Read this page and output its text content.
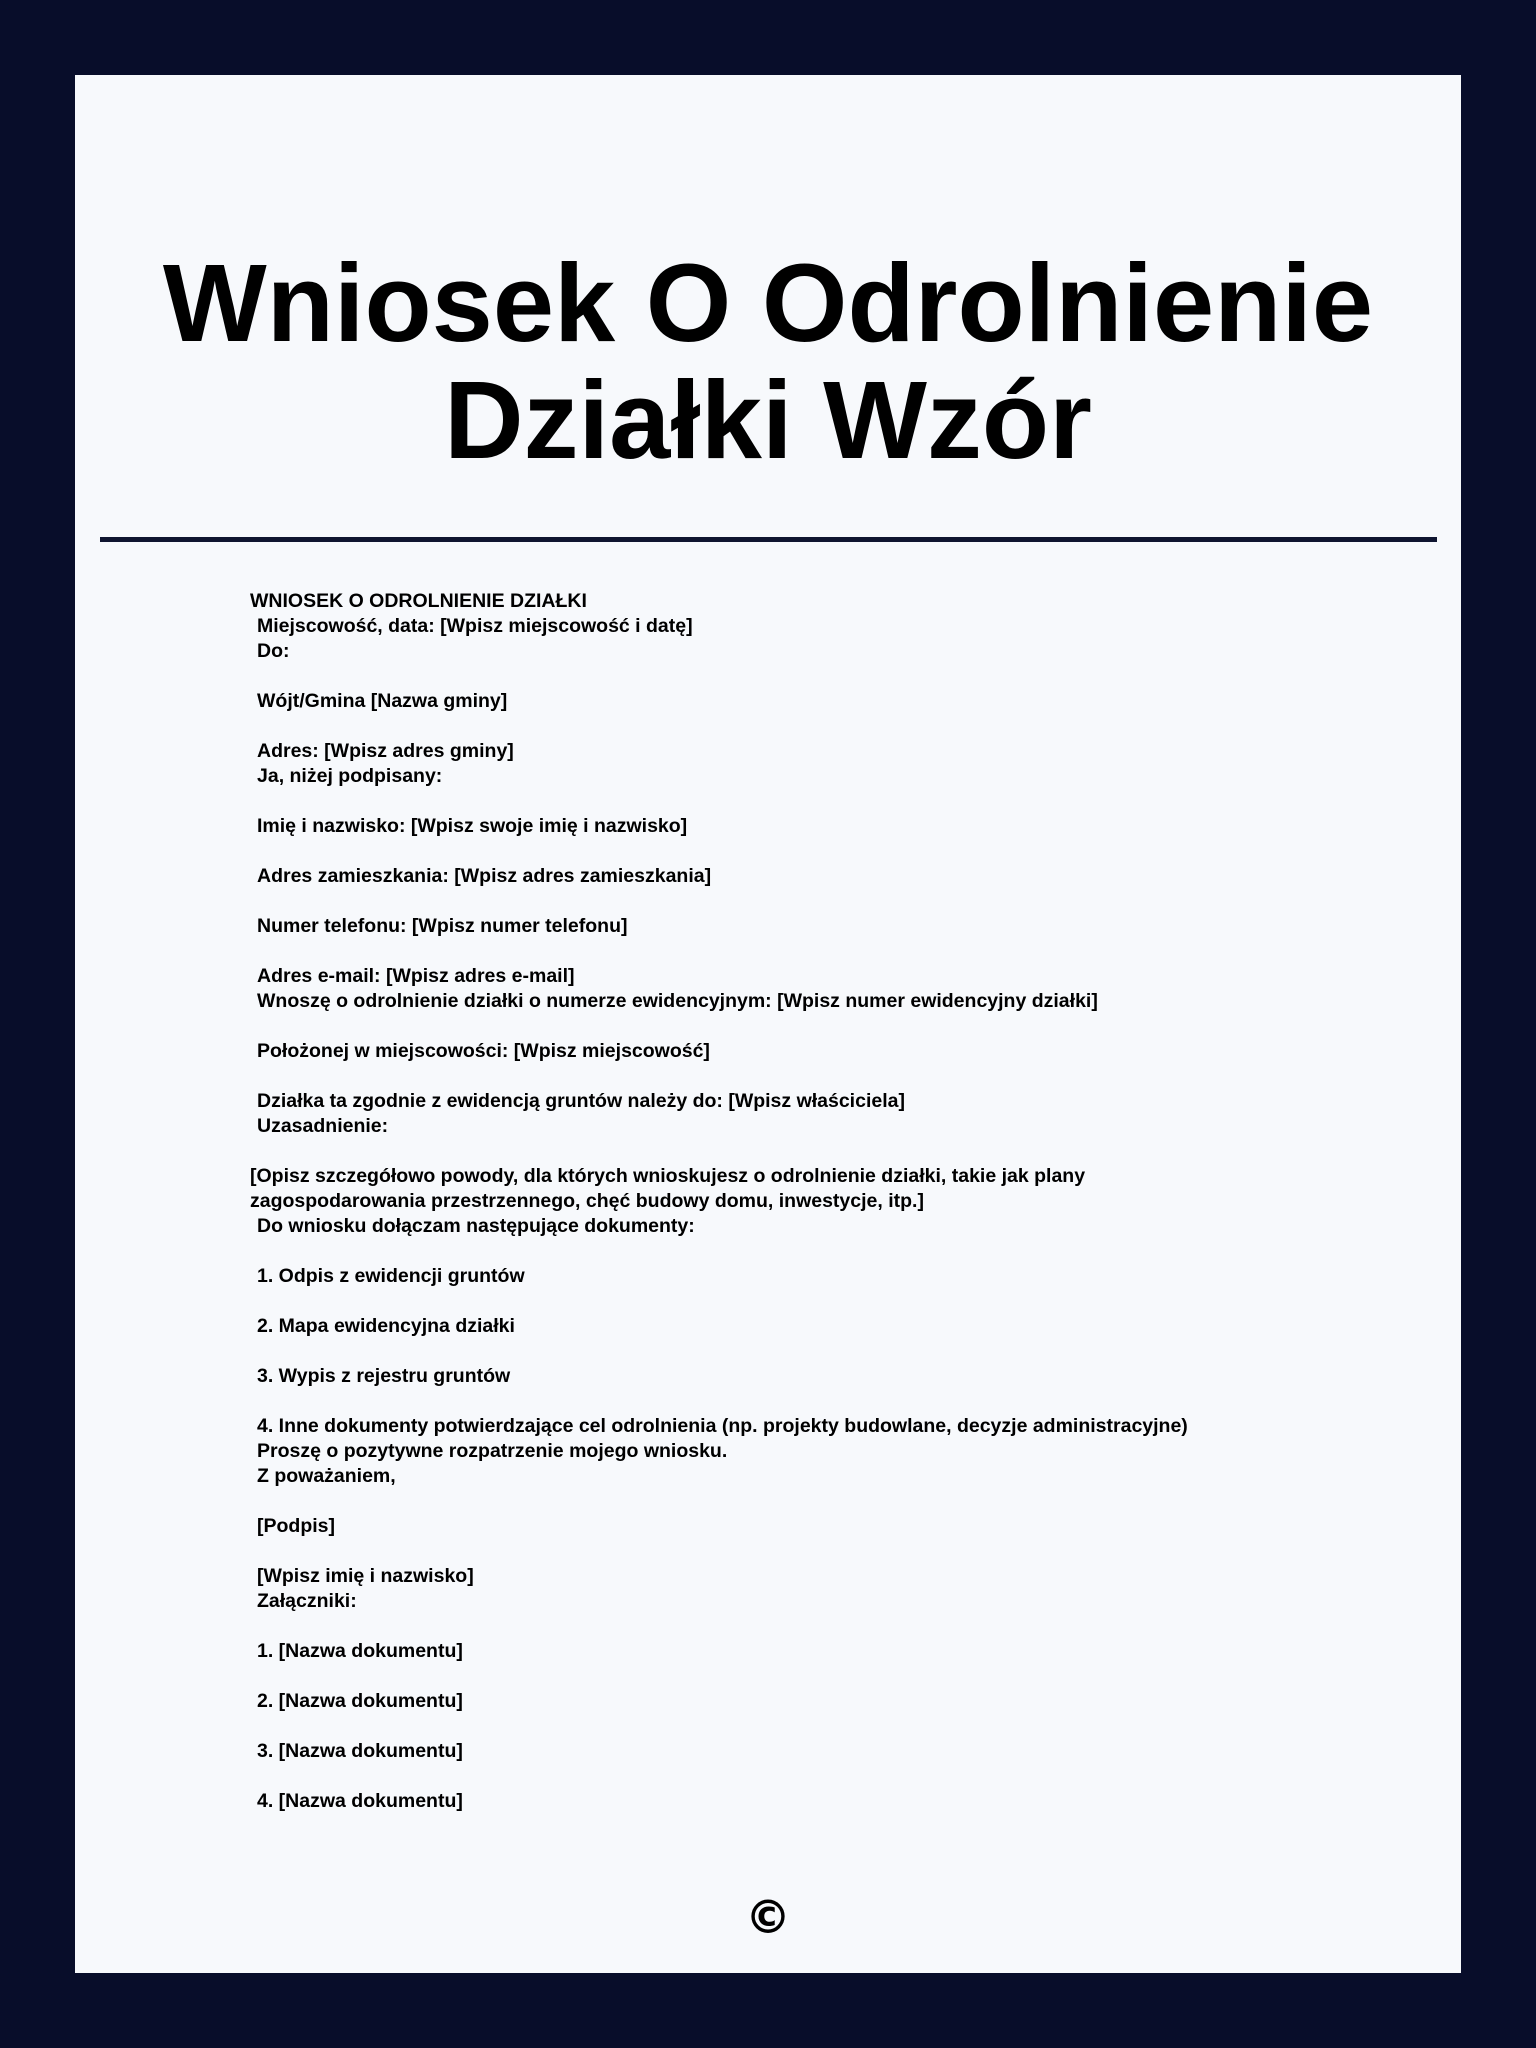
Wniosek O Odrolnienie
Działki Wzór
WNIOSEK O ODROLNIENIE DZIAŁKI
Miejscowość, data: [Wpisz miejscowość i datę]
Do:
Wójt/Gmina [Nazwa gminy]
Adres: [Wpisz adres gminy]
Ja, niżej podpisany:
Imię i nazwisko: [Wpisz swoje imię i nazwisko]
Adres zamieszkania: [Wpisz adres zamieszkania]
Numer telefonu: [Wpisz numer telefonu]
Adres e-mail: [Wpisz adres e-mail]
Wnoszę o odrolnienie działki o numerze ewidencyjnym: [Wpisz numer ewidencyjny działki]
Położonej w miejscowości: [Wpisz miejscowość]
Działka ta zgodnie z ewidencją gruntów należy do: [Wpisz właściciela]
Uzasadnienie:
[Opisz szczegółowo powody, dla których wnioskujesz o odrolnienie działki, takie jak plany
zagospodarowania przestrzennego, chęć budowy domu, inwestycje, itp.]
Do wniosku dołączam następujące dokumenty:
1. Odpis z ewidencji gruntów
2. Mapa ewidencyjna działki
3. Wypis z rejestru gruntów
4. Inne dokumenty potwierdzające cel odrolnienia (np. projekty budowlane, decyzje administracyjne)
Proszę o pozytywne rozpatrzenie mojego wniosku.
Z poważaniem,
[Podpis]
[Wpisz imię i nazwisko]
Załączniki:
1. [Nazwa dokumentu]
2. [Nazwa dokumentu]
3. [Nazwa dokumentu]
4. [Nazwa dokumentu]
©
